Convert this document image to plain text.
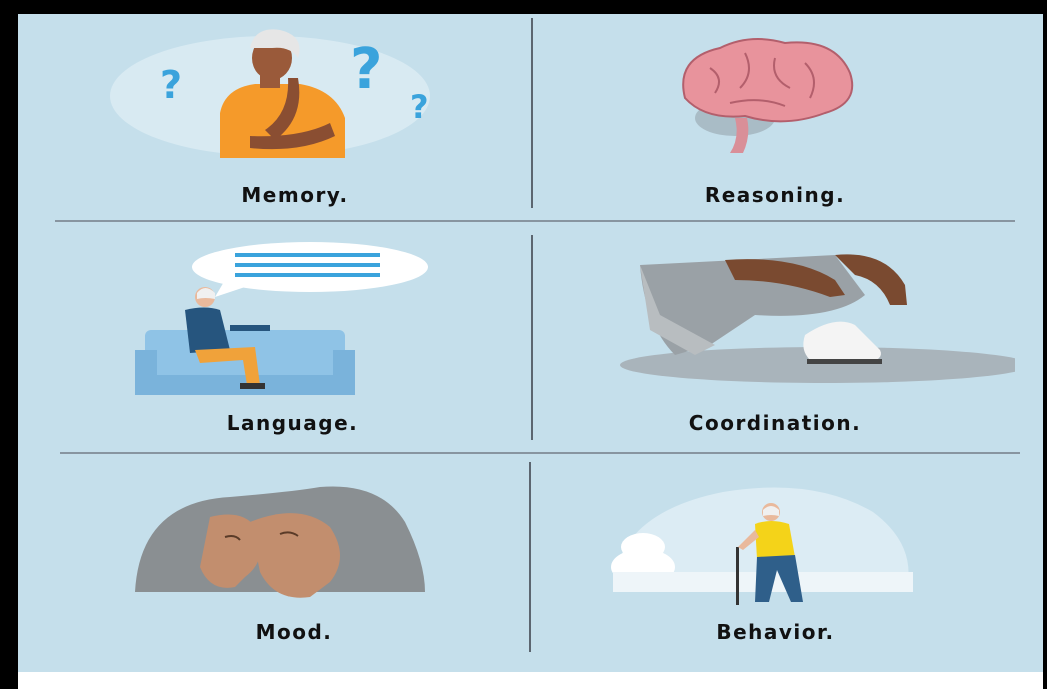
?	?
?
Memory.	Reasoning.
Language.	Coordination.
Mood.	Behavior.
